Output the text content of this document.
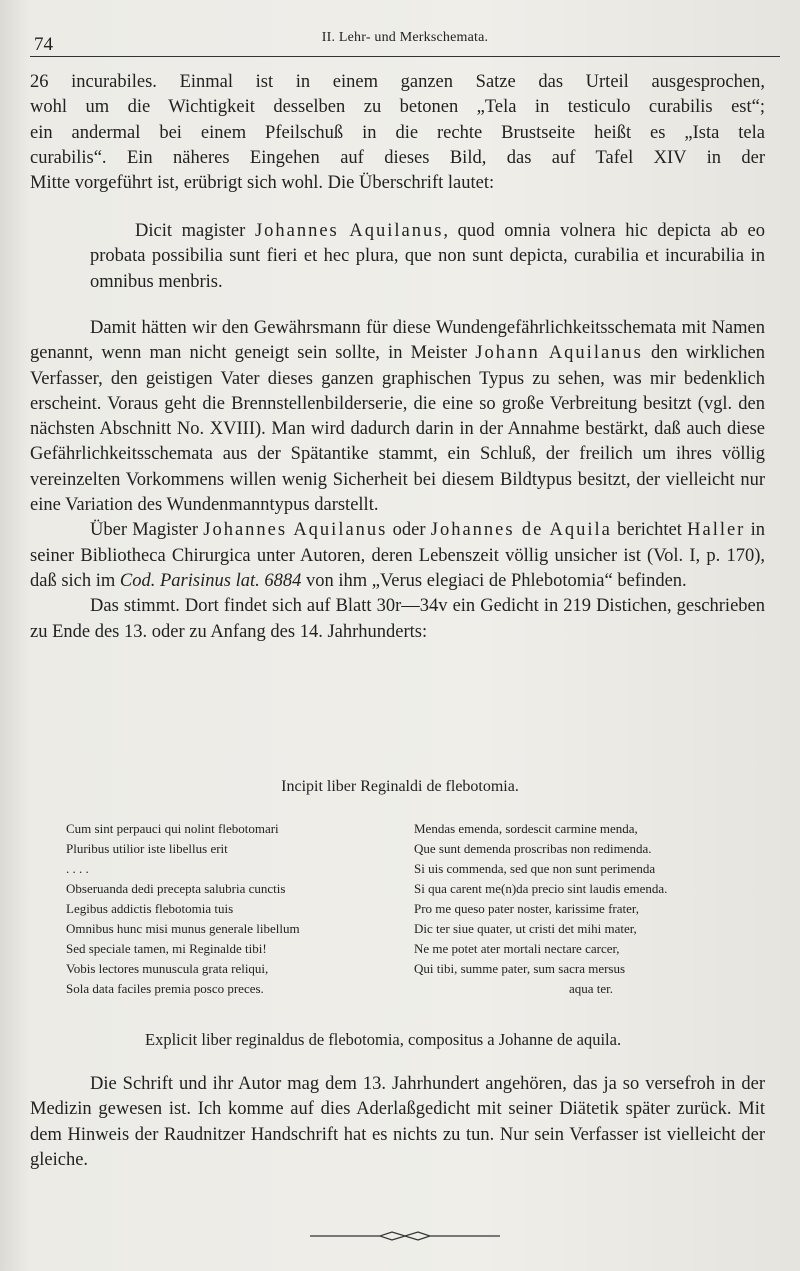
74	II. Lehr- und Merkschemata.
26 incurabiles. Einmal ist in einem ganzen Satze das Urteil ausgesprochen,
wohl um die Wichtigkeit desselben zu betonen „Tela in testiculo curabilis est“;
ein andermal bei einem Pfeilschuß in die rechte Brustseite heißt es „Ista tela
curabilis“. Ein näheres Eingehen auf dieses Bild, das auf Tafel XIV in der
Mitte vorgeführt ist, erübrigt sich wohl. Die Überschrift lautet:

Dicit magister Johannes Aquilanus, quod omnia volnera hic depicta ab eo probata possibilia sunt fieri et hec plura, que non sunt depicta, curabilia et incurabilia in omnibus menbris.

Damit hätten wir den Gewährsmann für diese Wundengefährlichkeitsschemata mit Namen genannt, wenn man nicht geneigt sein sollte, in Meister Johann Aquilanus den wirklichen Verfasser, den geistigen Vater dieses ganzen graphischen Typus zu sehen, was mir bedenklich erscheint. Voraus geht die Brennstellenbilderserie, die eine so große Verbreitung besitzt (vgl. den nächsten Abschnitt No. XVIII). Man wird dadurch darin in der Annahme bestärkt, daß auch diese Gefährlichkeitsschemata aus der Spätantike stammt, ein Schluß, der freilich um ihres völlig vereinzelten Vorkommens willen wenig Sicherheit bei diesem Bildtypus besitzt, der vielleicht nur eine Variation des Wundenmanntypus darstellt.

Über Magister Johannes Aquilanus oder Johannes de Aquila berichtet Haller in seiner Bibliotheca Chirurgica unter Autoren, deren Lebenszeit völlig unsicher ist (Vol. I, p. 170), daß sich im Cod. Parisinus lat. 6884 von ihm „Verus elegiaci de Phlebotomia“ befinden.

Das stimmt. Dort findet sich auf Blatt 30r—34v ein Gedicht in 219 Distichen, geschrieben zu Ende des 13. oder zu Anfang des 14. Jahrhunderts:

Incipit liber Reginaldi de flebotomia.
Cum sint perpauci qui nolint flebotomari
Pluribus utilior iste libellus erit
. . . .
Obseruanda dedi precepta salubria cunctis
Legibus addictis flebotomia tuis
Omnibus hunc misi munus generale libellum
Sed speciale tamen, mi Reginalde tibi!
Vobis lectores munuscula grata reliqui,
Sola data faciles premia posco preces.
Mendas emenda, sordescit carmine menda,
Que sunt demenda proscribas non redimenda.
Si uis commenda, sed que non sunt perimenda
Si qua carent me(n)da precio sint laudis emenda.
Pro me queso pater noster, karissime frater,
Dic ter siue quater, ut cristi det mihi mater,
Ne me potet ater mortali nectare carcer,
Qui tibi, summe pater, sum sacra mersus
aqua ter.
Explicit liber reginaldus de flebotomia, compositus a Johanne de aquila.

Die Schrift und ihr Autor mag dem 13. Jahrhundert angehören, das ja so versefroh in der Medizin gewesen ist. Ich komme auf dies Aderlaßgedicht mit seiner Diätetik später zurück. Mit dem Hinweis der Raudnitzer Handschrift hat es nichts zu tun. Nur sein Verfasser ist vielleicht der gleiche.
